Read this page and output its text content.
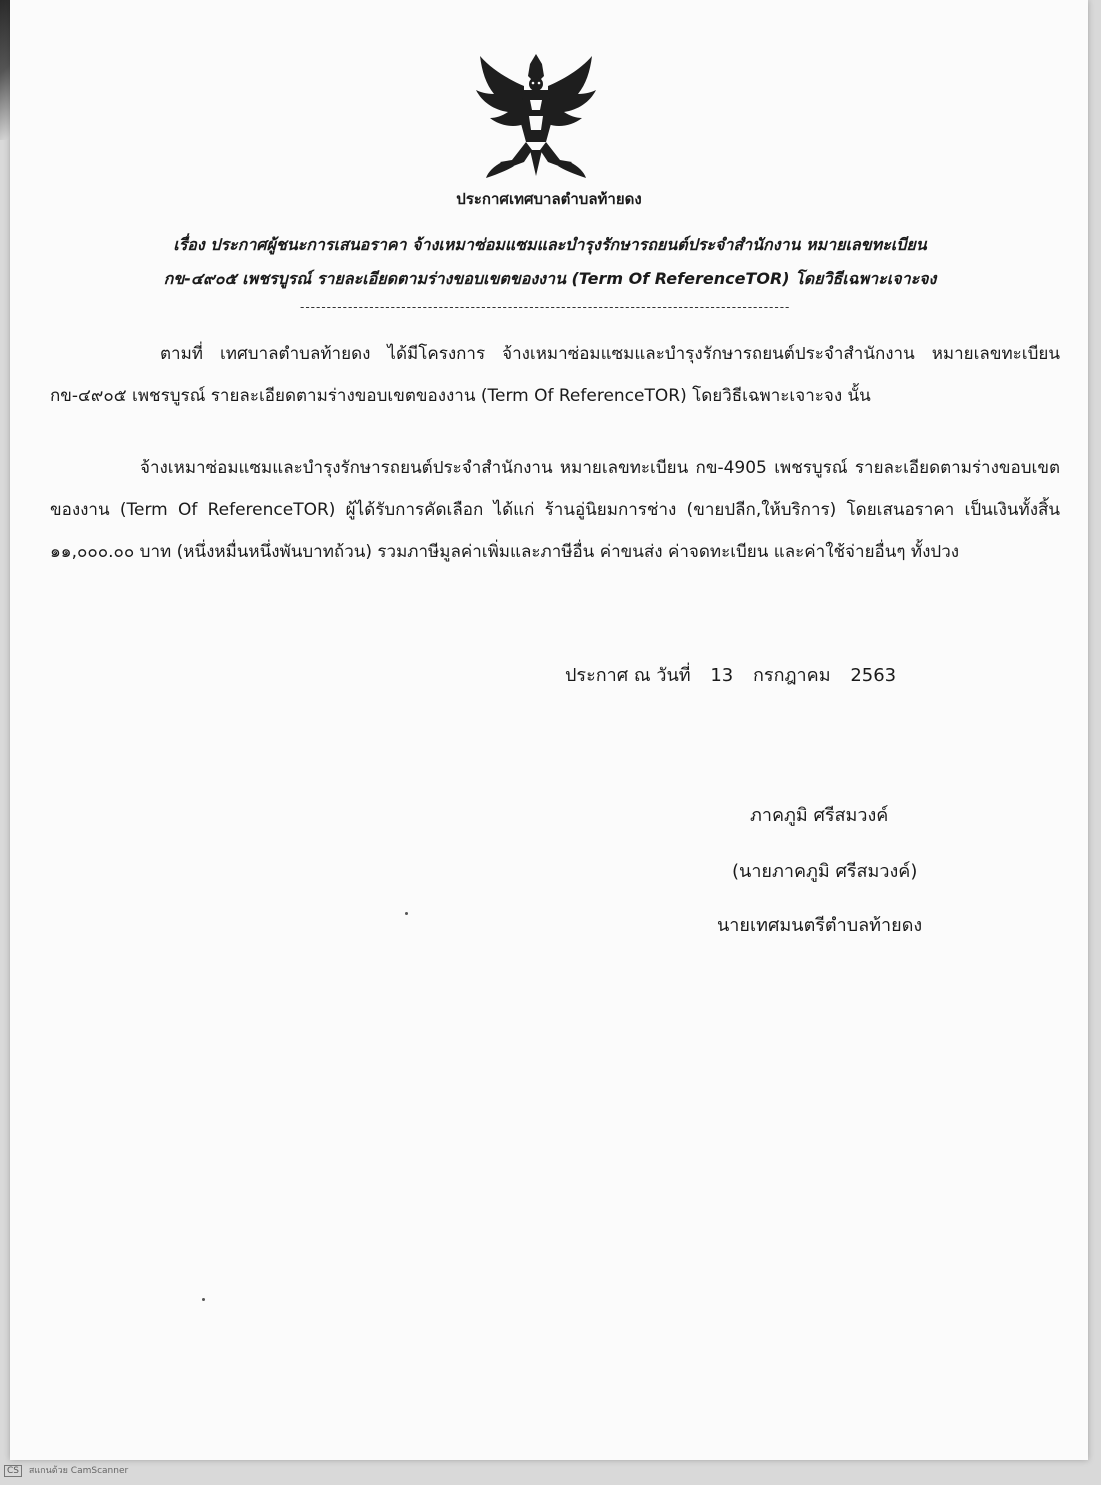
ประกาศเทศบาลตำบลท้ายดง
เรื่อง ประกาศผู้ชนะการเสนอราคา จ้างเหมาซ่อมแซมและบำรุงรักษารถยนต์ประจำสำนักงาน หมายเลขทะเบียน
กข-๔๙๐๕ เพชรบูรณ์ รายละเอียดตามร่างขอบเขตของงาน (Term Of ReferenceTOR) โดยวิธีเฉพาะเจาะจง
--------------------------------------------------------------------------------------------
ตามที่ เทศบาลตำบลท้ายดง ได้มีโครงการ จ้างเหมาซ่อมแซมและบำรุงรักษารถยนต์ประจำสำนักงาน หมายเลขทะเบียน กข-๔๙๐๕ เพชรบูรณ์ รายละเอียดตามร่างขอบเขตของงาน (Term Of ReferenceTOR) โดยวิธีเฉพาะเจาะจง นั้น
จ้างเหมาซ่อมแซมและบำรุงรักษารถยนต์ประจำสำนักงาน หมายเลขทะเบียน กข-4905 เพชรบูรณ์ รายละเอียดตามร่างขอบเขตของงาน (Term Of ReferenceTOR) ผู้ได้รับการคัดเลือก ได้แก่ ร้านอู่นิยมการช่าง (ขายปลีก,ให้บริการ) โดยเสนอราคา เป็นเงินทั้งสิ้น ๑๑,๐๐๐.๐๐ บาท (หนึ่งหมื่นหนึ่งพันบาทถ้วน) รวมภาษีมูลค่าเพิ่มและภาษีอื่น ค่าขนส่ง ค่าจดทะเบียน และค่าใช้จ่ายอื่นๆ ทั้งปวง
ประกาศ ณ วันที่ 13 กรกฎาคม 2563
ภาคภูมิ ศรีสมวงค์
(นายภาคภูมิ ศรีสมวงค์)
นายเทศมนตรีตำบลท้ายดง
CS สแกนด้วย CamScanner
